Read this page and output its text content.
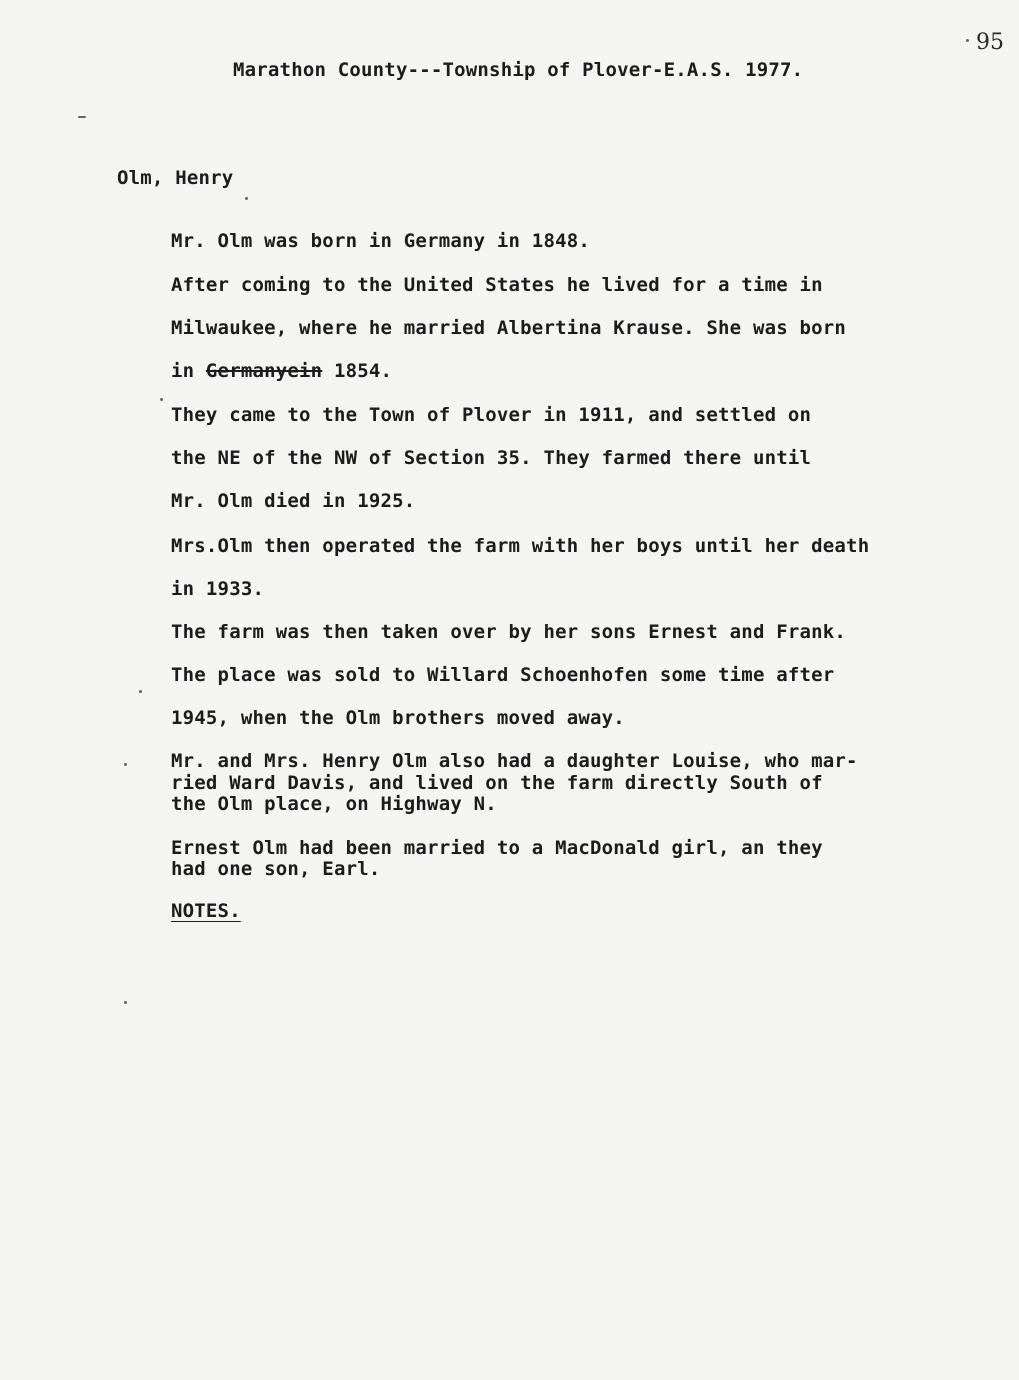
95
Marathon County---Township of Plover-E.A.S. 1977.
Olm, Henry
Mr. Olm was born in Germany in 1848.
After coming to the United States he lived for a time in
Milwaukee, where he married Albertina Krause. She was born
in Germanyein 1854.
They came to the Town of Plover in 1911, and settled on
the NE of the NW of Section 35. They farmed there until
Mr. Olm died in 1925.
Mrs.Olm then operated the farm with her boys until her death
in 1933.
The farm was then taken over by her sons Ernest and Frank.
The place was sold to Willard Schoenhofen some time after
1945, when the Olm brothers moved away.
Mr. and Mrs. Henry Olm also had a daughter Louise, who mar-
ried Ward Davis, and lived on the farm directly South of
the Olm place, on Highway N.
Ernest Olm had been married to a MacDonald girl, an they
had one son, Earl.
NOTES.
